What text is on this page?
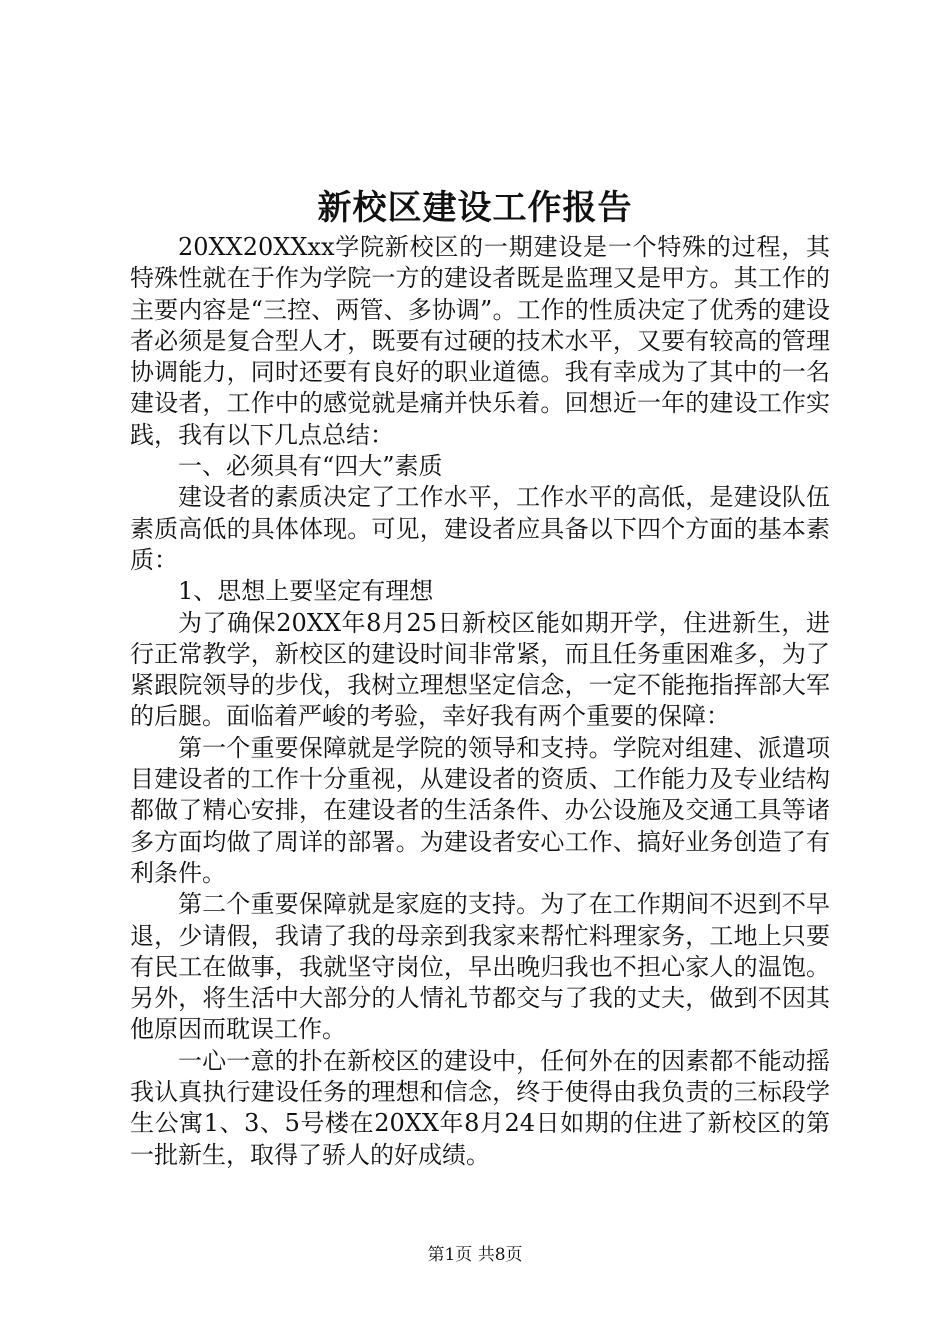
新校区建设工作报告

20XX20XXxx学院新校区的一期建设是一个特殊的过程，其特殊性就在于作为学院一方的建设者既是监理又是甲方。其工作的主要内容是“三控、两管、多协调”。工作的性质决定了优秀的建设者必须是复合型人才，既要有过硬的技术水平，又要有较高的管理协调能力，同时还要有良好的职业道德。我有幸成为了其中的一名建设者，工作中的感觉就是痛并快乐着。回想近一年的建设工作实践，我有以下几点总结：

一、必须具有“四大”素质

建设者的素质决定了工作水平，工作水平的高低，是建设队伍素质高低的具体体现。可见，建设者应具备以下四个方面的基本素质：

1、思想上要坚定有理想

为了确保20XX年8月25日新校区能如期开学，住进新生，进行正常教学，新校区的建设时间非常紧，而且任务重困难多，为了紧跟院领导的步伐，我树立理想坚定信念，一定不能拖指挥部大军的后腿。面临着严峻的考验，幸好我有两个重要的保障：

第一个重要保障就是学院的领导和支持。学院对组建、派遣项目建设者的工作十分重视，从建设者的资质、工作能力及专业结构都做了精心安排，在建设者的生活条件、办公设施及交通工具等诸多方面均做了周详的部署。为建设者安心工作、搞好业务创造了有利条件。

第二个重要保障就是家庭的支持。为了在工作期间不迟到不早退，少请假，我请了我的母亲到我家来帮忙料理家务，工地上只要有民工在做事，我就坚守岗位，早出晚归我也不担心家人的温饱。另外，将生活中大部分的人情礼节都交与了我的丈夫，做到不因其他原因而耽误工作。

一心一意的扑在新校区的建设中，任何外在的因素都不能动摇我认真执行建设任务的理想和信念，终于使得由我负责的三标段学生公寓1、3、5号楼在20XX年8月24日如期的住进了新校区的第一批新生，取得了骄人的好成绩。

第1页 共8页
